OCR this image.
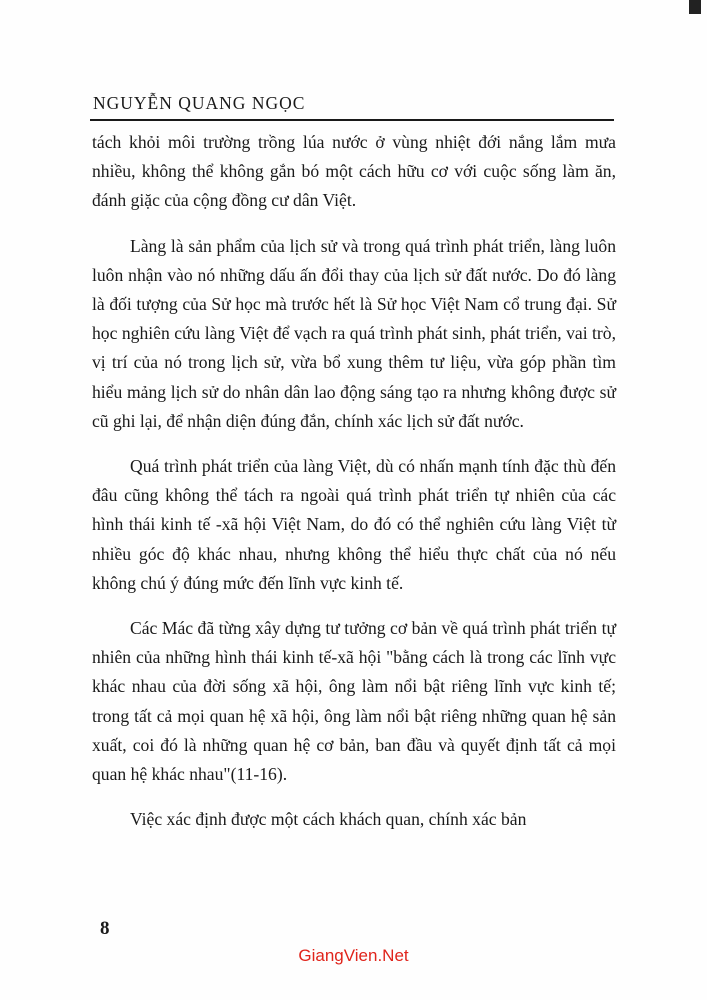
NGUYỄN QUANG NGỌC

tách khỏi môi trường trồng lúa nước ở vùng nhiệt đới nắng lắm mưa nhiều, không thể không gắn bó một cách hữu cơ với cuộc sống làm ăn, đánh giặc của cộng đồng cư dân Việt.

Làng là sản phẩm của lịch sử và trong quá trình phát triển, làng luôn luôn nhận vào nó những dấu ấn đổi thay của lịch sử đất nước. Do đó làng là đối tượng của Sử học mà trước hết là Sử học Việt Nam cổ trung đại. Sử học nghiên cứu làng Việt để vạch ra quá trình phát sinh, phát triển, vai trò, vị trí của nó trong lịch sử, vừa bổ xung thêm tư liệu, vừa góp phần tìm hiểu mảng lịch sử do nhân dân lao động sáng tạo ra nhưng không được sử cũ ghi lại, để nhận diện đúng đắn, chính xác lịch sử đất nước.

Quá trình phát triển của làng Việt, dù có nhấn mạnh tính đặc thù đến đâu cũng không thể tách ra ngoài quá trình phát triển tự nhiên của các hình thái kinh tế -xã hội Việt Nam, do đó có thể nghiên cứu làng Việt từ nhiều góc độ khác nhau, nhưng không thể hiểu thực chất của nó nếu không chú ý đúng mức đến lĩnh vực kinh tế.

Các Mác đã từng xây dựng tư tưởng cơ bản về quá trình phát triển tự nhiên của những hình thái kinh tế-xã hội "bằng cách là trong các lĩnh vực khác nhau của đời sống xã hội, ông làm nổi bật riêng lĩnh vực kinh tế; trong tất cả mọi quan hệ xã hội, ông làm nổi bật riêng những quan hệ sản xuất, coi đó là những quan hệ cơ bản, ban đầu và quyết định tất cả mọi quan hệ khác nhau"(11-16).

Việc xác định được một cách khách quan, chính xác bản

8
GiangVien.Net
